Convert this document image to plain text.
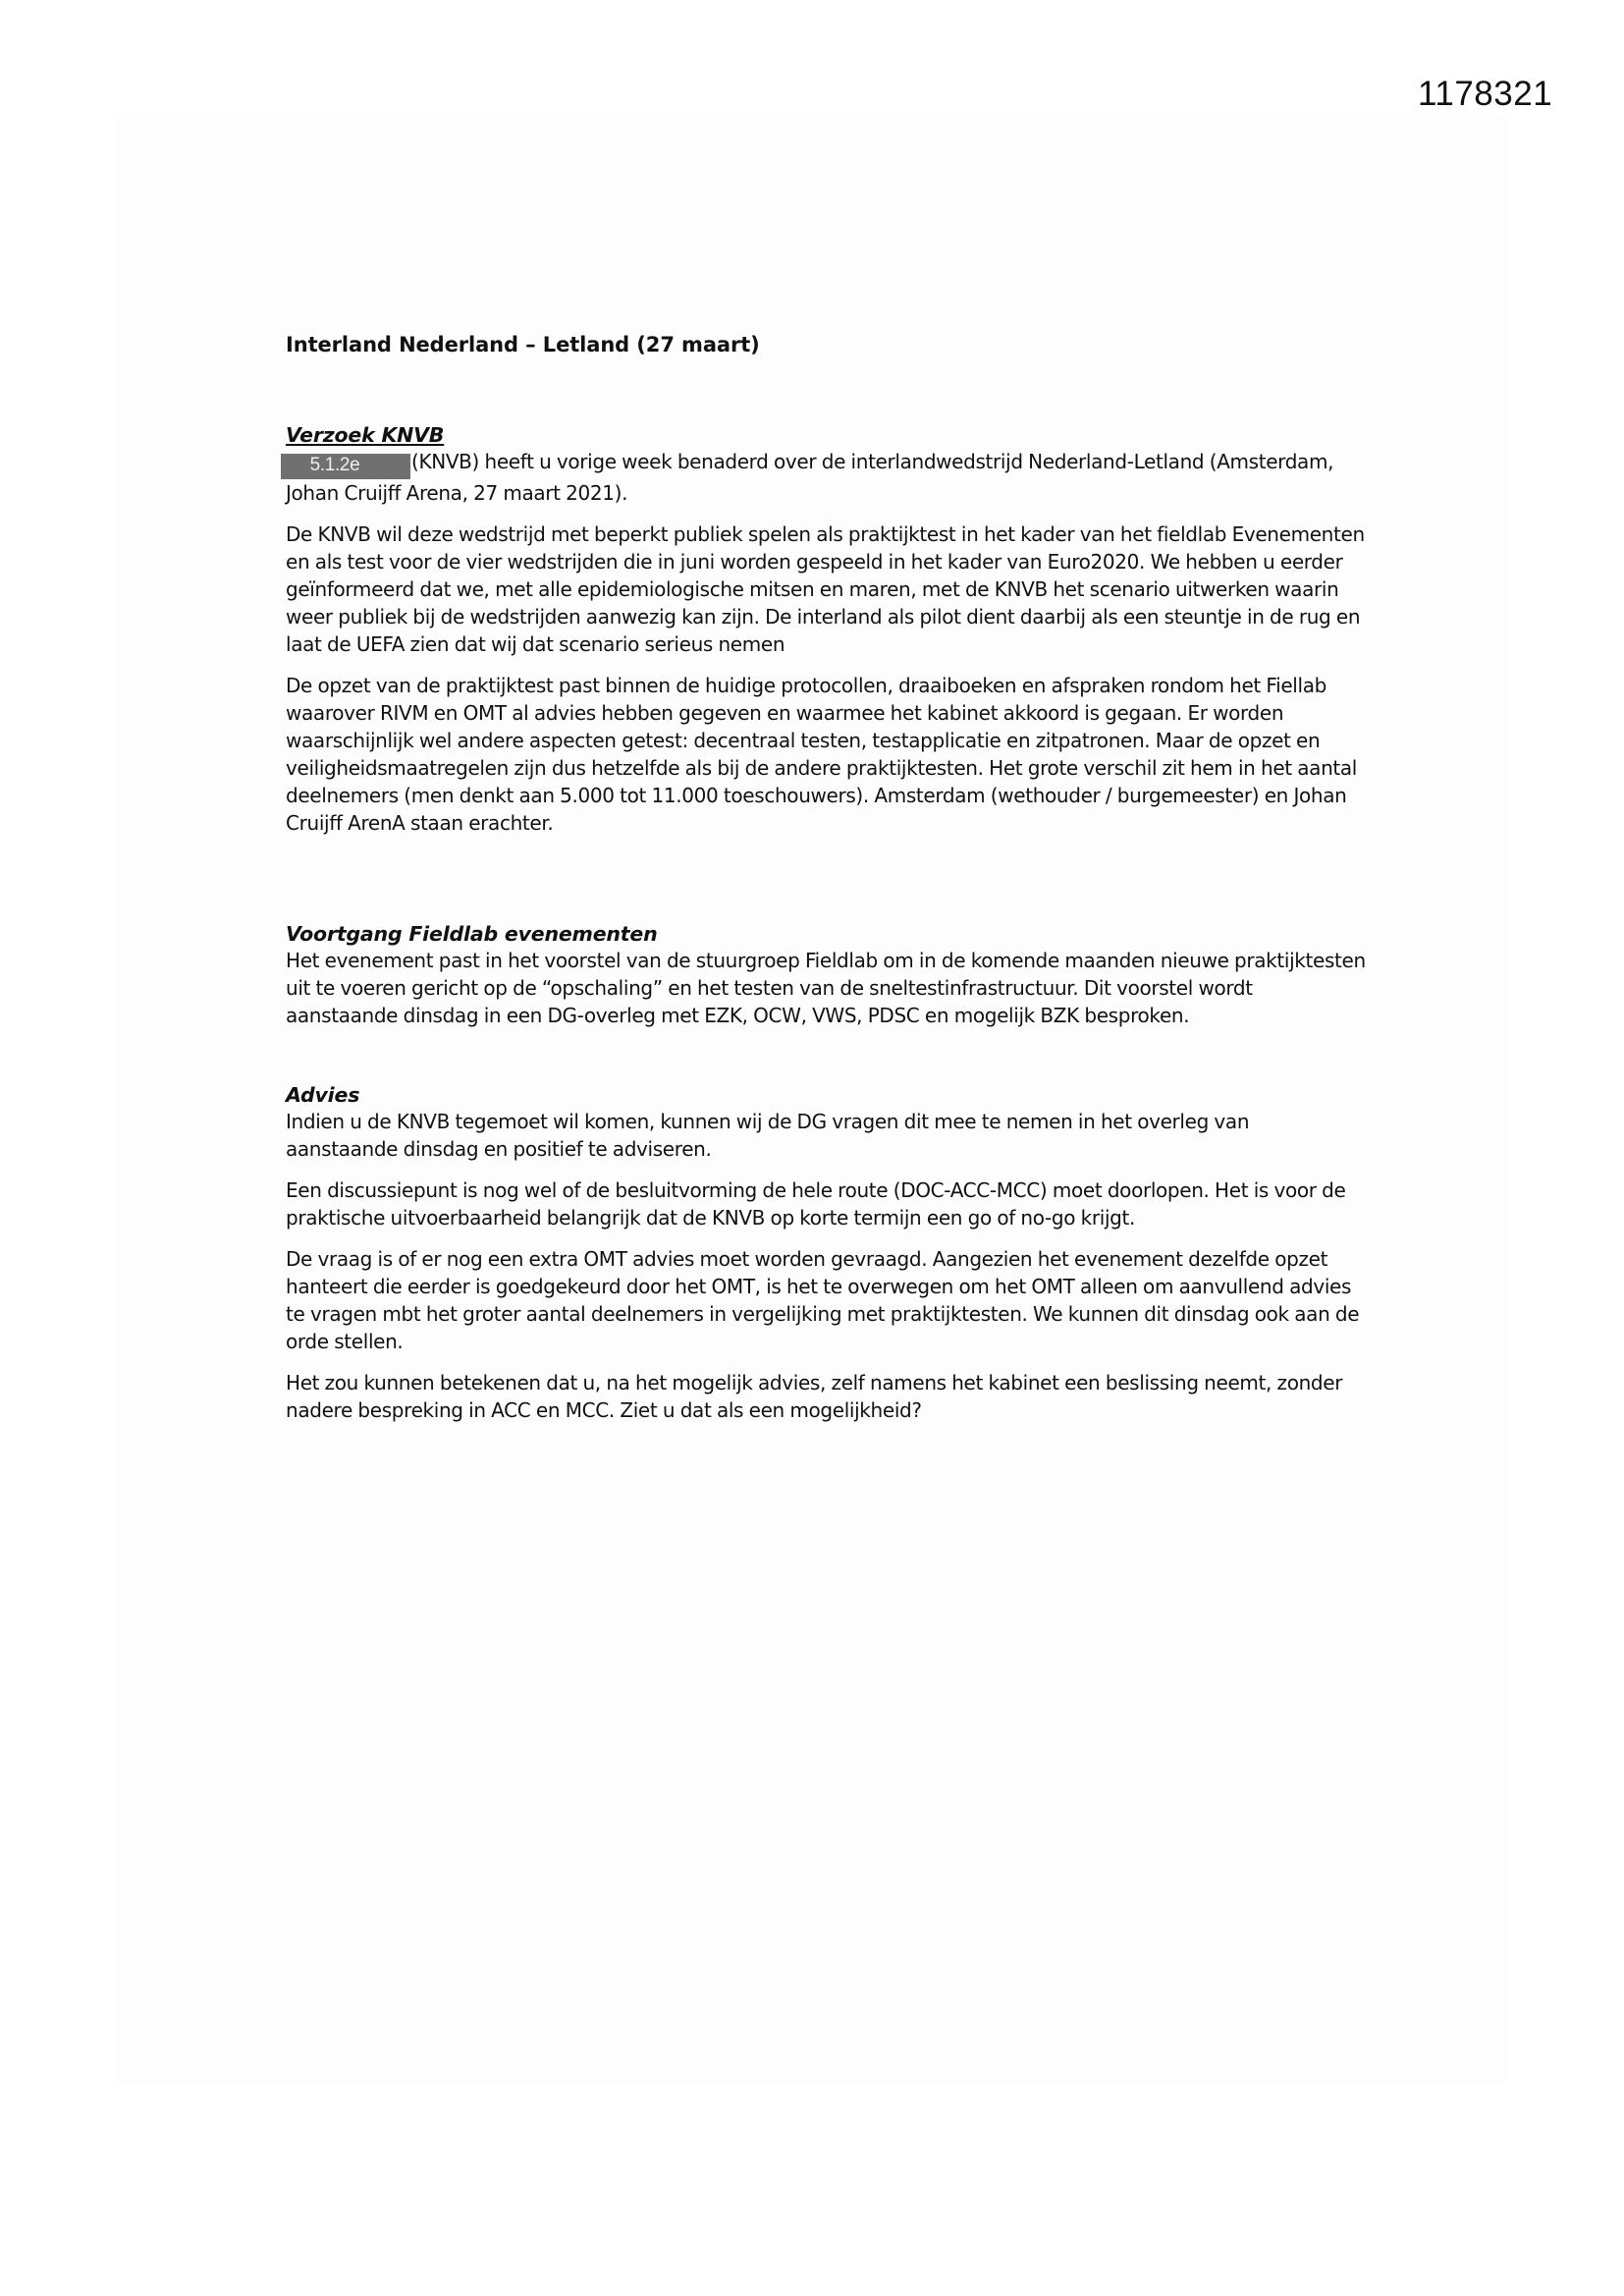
1178321
Interland Nederland – Letland (27 maart)
Verzoek KNVB

5.1.2e	(KNVB) heeft u vorige week benaderd over de interlandwedstrijd Nederland-Letland (Amsterdam, Johan Cruijff Arena, 27 maart 2021).

De KNVB wil deze wedstrijd met beperkt publiek spelen als praktijktest in het kader van het fieldlab Evenementen en als test voor de vier wedstrijden die in juni worden gespeeld in het kader van Euro2020. We hebben u eerder geïnformeerd dat we, met alle epidemiologische mitsen en maren, met de KNVB het scenario uitwerken waarin weer publiek bij de wedstrijden aanwezig kan zijn. De interland als pilot dient daarbij als een steuntje in de rug en laat de UEFA zien dat wij dat scenario serieus nemen

De opzet van de praktijktest past binnen de huidige protocollen, draaiboeken en afspraken rondom het Fiellab waarover RIVM en OMT al advies hebben gegeven en waarmee het kabinet akkoord is gegaan. Er worden waarschijnlijk wel andere aspecten getest: decentraal testen, testapplicatie en zitpatronen. Maar de opzet en veiligheidsmaatregelen zijn dus hetzelfde als bij de andere praktijktesten. Het grote verschil zit hem in het aantal deelnemers (men denkt aan 5.000 tot 11.000 toeschouwers). Amsterdam (wethouder / burgemeester) en Johan Cruijff ArenA staan erachter.

Voortgang Fieldlab evenementen

Het evenement past in het voorstel van de stuurgroep Fieldlab om in de komende maanden nieuwe praktijktesten uit te voeren gericht op de “opschaling” en het testen van de sneltestinfrastructuur. Dit voorstel wordt aanstaande dinsdag in een DG-overleg met EZK, OCW, VWS, PDSC en mogelijk BZK besproken.

Advies

Indien u de KNVB tegemoet wil komen, kunnen wij de DG vragen dit mee te nemen in het overleg van aanstaande dinsdag en positief te adviseren.

Een discussiepunt is nog wel of de besluitvorming de hele route (DOC-ACC-MCC) moet doorlopen. Het is voor de praktische uitvoerbaarheid belangrijk dat de KNVB op korte termijn een go of no-go krijgt.

De vraag is of er nog een extra OMT advies moet worden gevraagd. Aangezien het evenement dezelfde opzet hanteert die eerder is goedgekeurd door het OMT, is het te overwegen om het OMT alleen om aanvullend advies te vragen mbt het groter aantal deelnemers in vergelijking met praktijktesten. We kunnen dit dinsdag ook aan de orde stellen.

Het zou kunnen betekenen dat u, na het mogelijk advies, zelf namens het kabinet een beslissing neemt, zonder nadere bespreking in ACC en MCC. Ziet u dat als een mogelijkheid?
